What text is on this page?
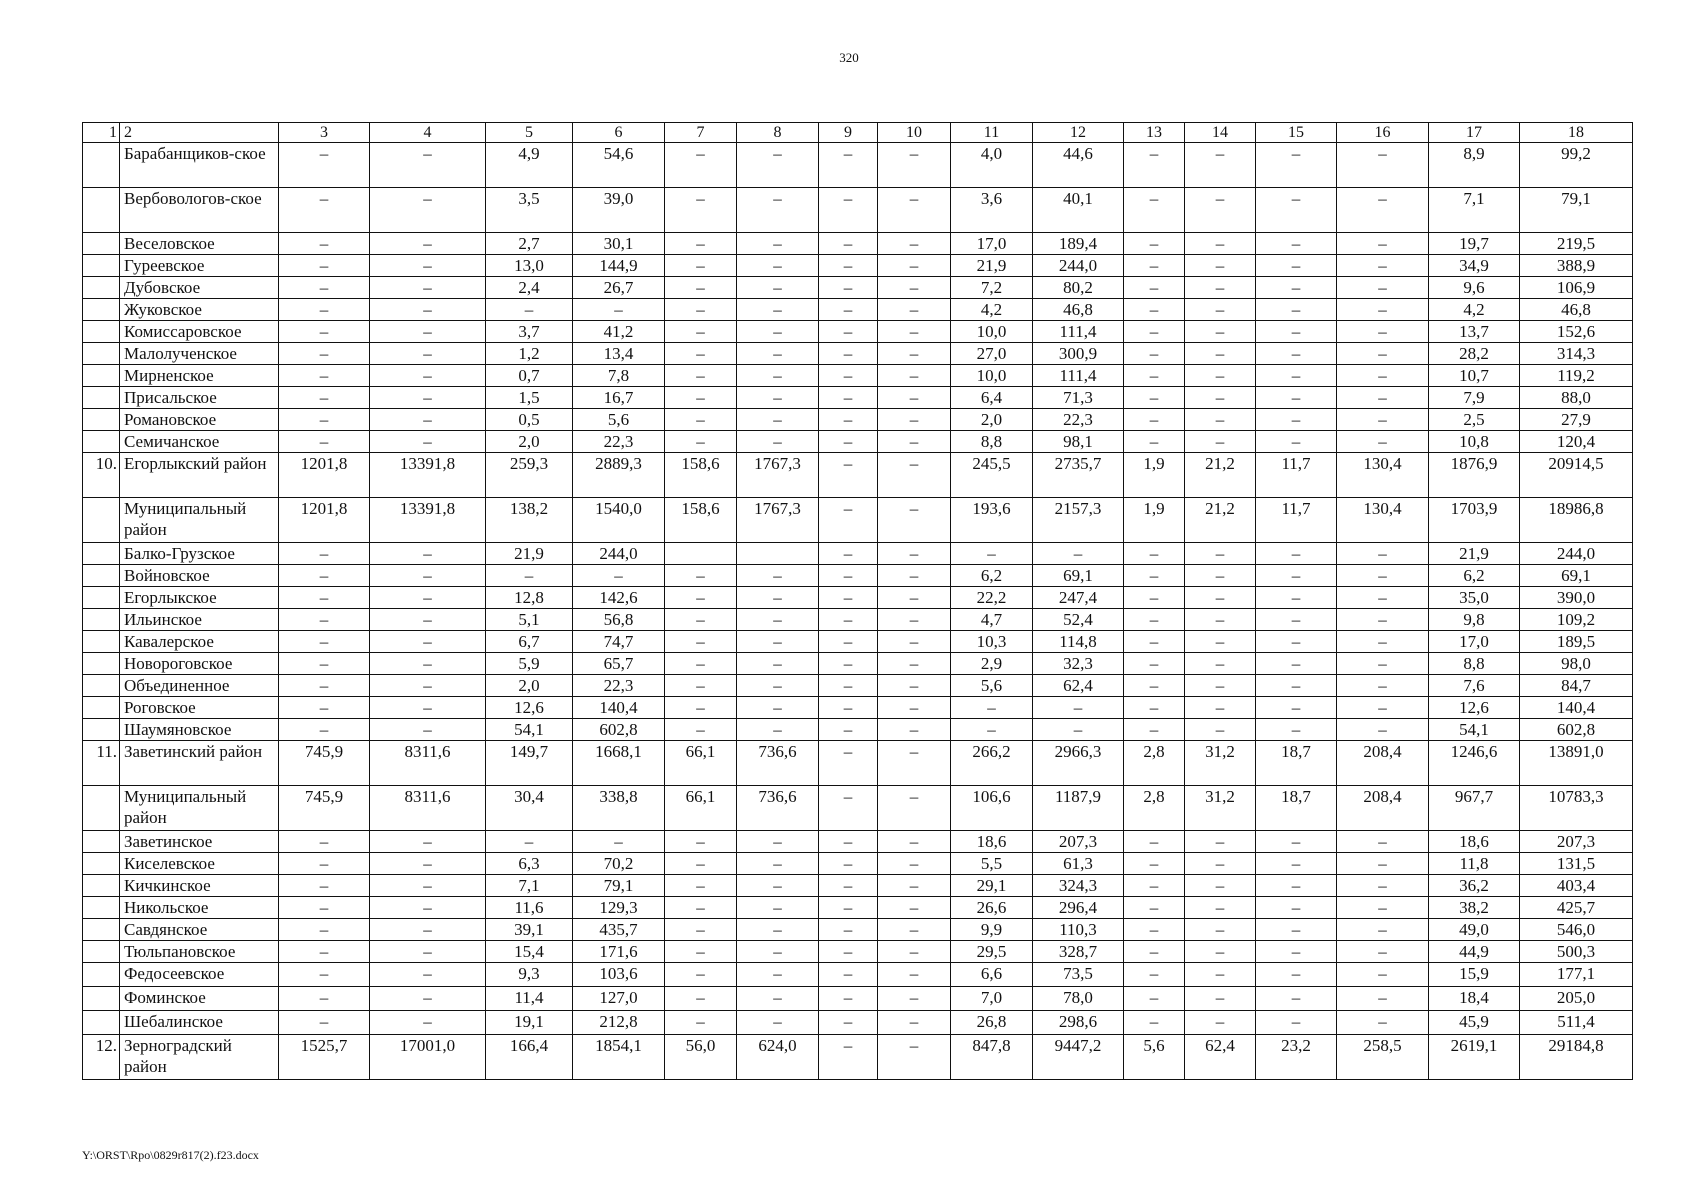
320
1	2	3	4	5	6	7	8	9	10	11	12	13	14	15	16	17	18
	Барабанщиков-ское	–	–	4,9	54,6	–	–	–	–	4,0	44,6	–	–	–	–	8,9	99,2
	Вербовологов-ское	–	–	3,5	39,0	–	–	–	–	3,6	40,1	–	–	–	–	7,1	79,1
	Веселовское	–	–	2,7	30,1	–	–	–	–	17,0	189,4	–	–	–	–	19,7	219,5
	Гуреевское	–	–	13,0	144,9	–	–	–	–	21,9	244,0	–	–	–	–	34,9	388,9
	Дубовское	–	–	2,4	26,7	–	–	–	–	7,2	80,2	–	–	–	–	9,6	106,9
	Жуковское	–	–	–	–	–	–	–	–	4,2	46,8	–	–	–	–	4,2	46,8
	Комиссаровское	–	–	3,7	41,2	–	–	–	–	10,0	111,4	–	–	–	–	13,7	152,6
	Малолученское	–	–	1,2	13,4	–	–	–	–	27,0	300,9	–	–	–	–	28,2	314,3
	Мирненское	–	–	0,7	7,8	–	–	–	–	10,0	111,4	–	–	–	–	10,7	119,2
	Присальское	–	–	1,5	16,7	–	–	–	–	6,4	71,3	–	–	–	–	7,9	88,0
	Романовское	–	–	0,5	5,6	–	–	–	–	2,0	22,3	–	–	–	–	2,5	27,9
	Семичанское	–	–	2,0	22,3	–	–	–	–	8,8	98,1	–	–	–	–	10,8	120,4
10.	Егорлыкский район	1201,8	13391,8	259,3	2889,3	158,6	1767,3	–	–	245,5	2735,7	1,9	21,2	11,7	130,4	1876,9	20914,5
	Муниципальный район	1201,8	13391,8	138,2	1540,0	158,6	1767,3	–	–	193,6	2157,3	1,9	21,2	11,7	130,4	1703,9	18986,8
	Балко-Грузское	–	–	21,9	244,0			–	–	–	–	–	–	–	–	21,9	244,0
	Войновское	–	–	–	–	–	–	–	–	6,2	69,1	–	–	–	–	6,2	69,1
	Егорлыкское	–	–	12,8	142,6	–	–	–	–	22,2	247,4	–	–	–	–	35,0	390,0
	Ильинское	–	–	5,1	56,8	–	–	–	–	4,7	52,4	–	–	–	–	9,8	109,2
	Кавалерское	–	–	6,7	74,7	–	–	–	–	10,3	114,8	–	–	–	–	17,0	189,5
	Новороговское	–	–	5,9	65,7	–	–	–	–	2,9	32,3	–	–	–	–	8,8	98,0
	Объединенное	–	–	2,0	22,3	–	–	–	–	5,6	62,4	–	–	–	–	7,6	84,7
	Роговское	–	–	12,6	140,4	–	–	–	–	–	–	–	–	–	–	12,6	140,4
	Шаумяновское	–	–	54,1	602,8	–	–	–	–	–	–	–	–	–	–	54,1	602,8
11.	Заветинский район	745,9	8311,6	149,7	1668,1	66,1	736,6	–	–	266,2	2966,3	2,8	31,2	18,7	208,4	1246,6	13891,0
	Муниципальный район	745,9	8311,6	30,4	338,8	66,1	736,6	–	–	106,6	1187,9	2,8	31,2	18,7	208,4	967,7	10783,3
	Заветинское	–	–	–	–	–	–	–	–	18,6	207,3	–	–	–	–	18,6	207,3
	Киселевское	–	–	6,3	70,2	–	–	–	–	5,5	61,3	–	–	–	–	11,8	131,5
	Кичкинское	–	–	7,1	79,1	–	–	–	–	29,1	324,3	–	–	–	–	36,2	403,4
	Никольское	–	–	11,6	129,3	–	–	–	–	26,6	296,4	–	–	–	–	38,2	425,7
	Савдянское	–	–	39,1	435,7	–	–	–	–	9,9	110,3	–	–	–	–	49,0	546,0
	Тюльпановское	–	–	15,4	171,6	–	–	–	–	29,5	328,7	–	–	–	–	44,9	500,3
	Федосеевское	–	–	9,3	103,6	–	–	–	–	6,6	73,5	–	–	–	–	15,9	177,1
	Фоминское	–	–	11,4	127,0	–	–	–	–	7,0	78,0	–	–	–	–	18,4	205,0
	Шебалинское	–	–	19,1	212,8	–	–	–	–	26,8	298,6	–	–	–	–	45,9	511,4
12.	Зерноградский район	1525,7	17001,0	166,4	1854,1	56,0	624,0	–	–	847,8	9447,2	5,6	62,4	23,2	258,5	2619,1	29184,8
Y:\ORST\Rpo\0829r817(2).f23.docx
